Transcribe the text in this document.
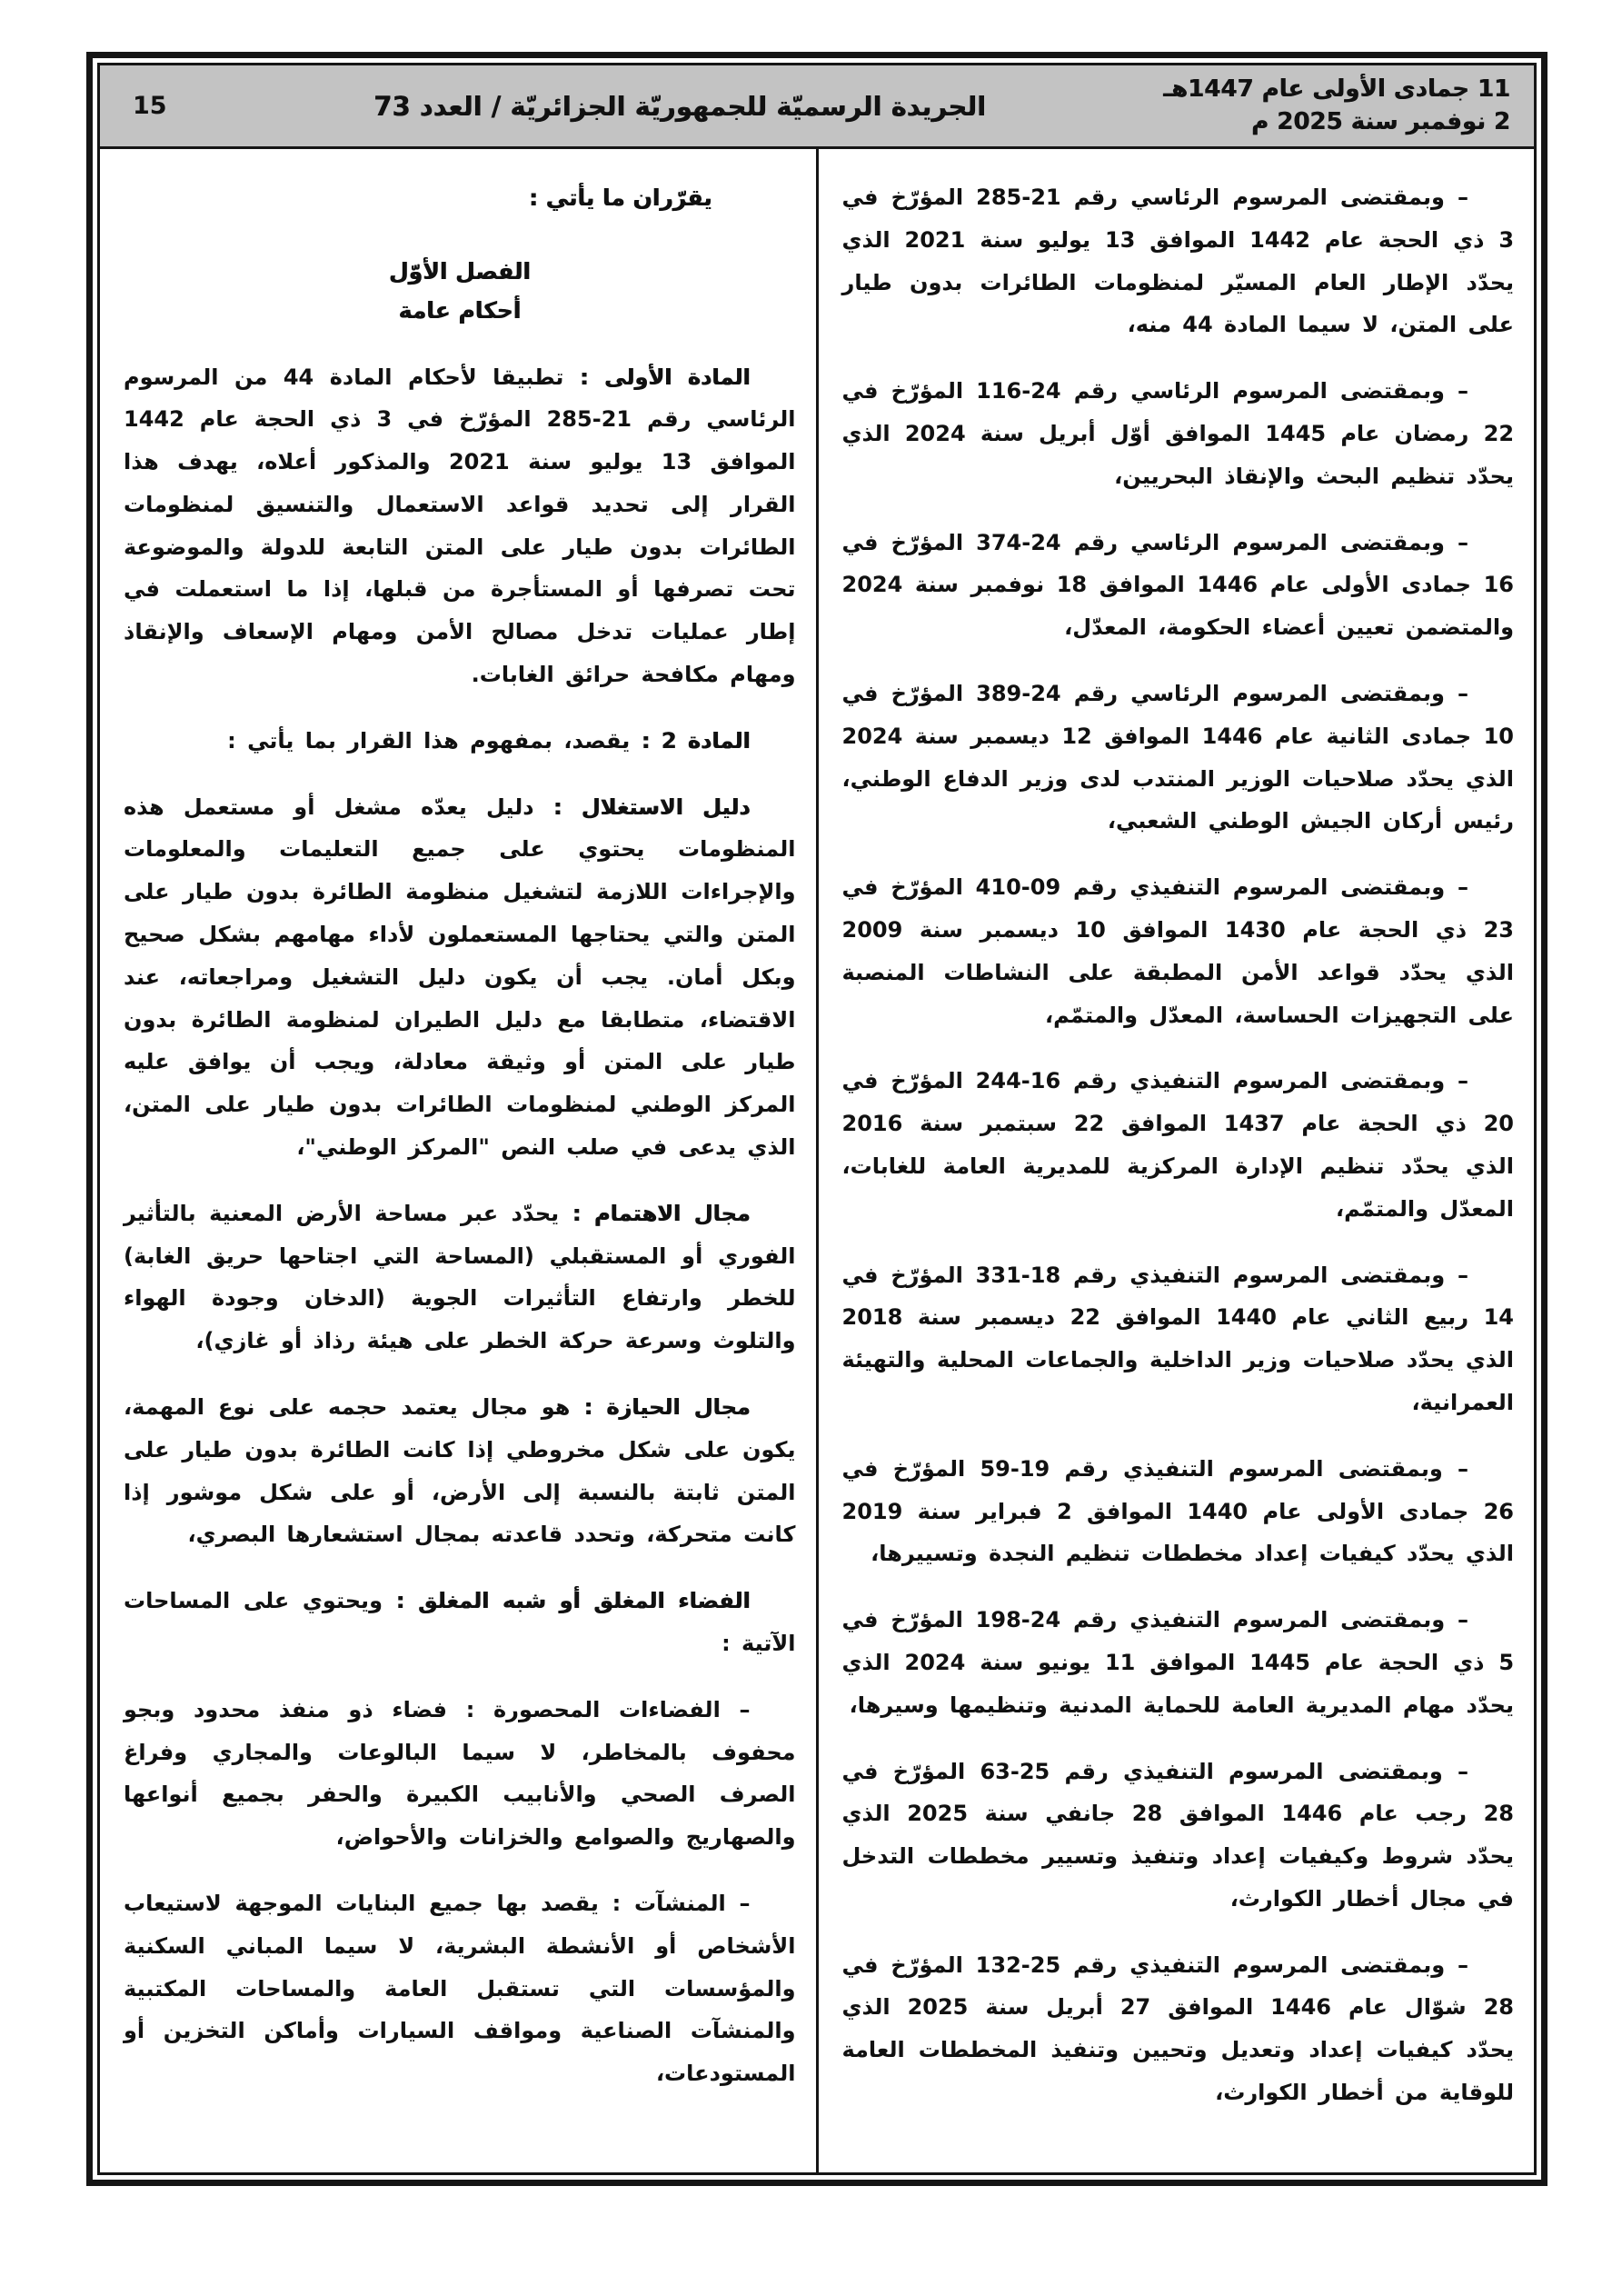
11 جمادى الأولى عام 1447هـ
2 نوفمبر سنة 2025 م
الجريدة الرسميّة للجمهوريّة الجزائريّة / العدد 73
15

– وبمقتضى المرسوم الرئاسي رقم 21‏-285 المؤرّخ في 3 ذي الحجة عام 1442 الموافق 13 يوليو سنة 2021 الذي يحدّد الإطار العام المسيّر لمنظومات الطائرات بدون طيار على المتن، لا سيما المادة 44 منه،

– وبمقتضى المرسوم الرئاسي رقم 24‏-116 المؤرّخ في 22 رمضان عام 1445 الموافق أوّل أبريل سنة 2024 الذي يحدّد تنظيم البحث والإنقاذ البحريين،

– وبمقتضى المرسوم الرئاسي رقم 24‏-374 المؤرّخ في 16 جمادى الأولى عام 1446 الموافق 18 نوفمبر سنة 2024 والمتضمن تعيين أعضاء الحكومة، المعدّل،

– وبمقتضى المرسوم الرئاسي رقم 24‏-389 المؤرّخ في 10 جمادى الثانية عام 1446 الموافق 12 ديسمبر سنة 2024 الذي يحدّد صلاحيات الوزير المنتدب لدى وزير الدفاع الوطني، رئيس أركان الجيش الوطني الشعبي،

– وبمقتضى المرسوم التنفيذي رقم 09‏-410 المؤرّخ في 23 ذي الحجة عام 1430 الموافق 10 ديسمبر سنة 2009 الذي يحدّد قواعد الأمن المطبقة على النشاطات المنصبة على التجهيزات الحساسة، المعدّل والمتمّم،

– وبمقتضى المرسوم التنفيذي رقم 16‏-244 المؤرّخ في 20 ذي الحجة عام 1437 الموافق 22 سبتمبر سنة 2016 الذي يحدّد تنظيم الإدارة المركزية للمديرية العامة للغابات، المعدّل والمتمّم،

– وبمقتضى المرسوم التنفيذي رقم 18‏-331 المؤرّخ في 14 ربيع الثاني عام 1440 الموافق 22 ديسمبر سنة 2018 الذي يحدّد صلاحيات وزير الداخلية والجماعات المحلية والتهيئة العمرانية،

– وبمقتضى المرسوم التنفيذي رقم 19‏-59 المؤرّخ في 26 جمادى الأولى عام 1440 الموافق 2 فبراير سنة 2019 الذي يحدّد كيفيات إعداد مخططات تنظيم النجدة وتسييرها،

– وبمقتضى المرسوم التنفيذي رقم 24‏-198 المؤرّخ في 5 ذي الحجة عام 1445 الموافق 11 يونيو سنة 2024 الذي يحدّد مهام المديرية العامة للحماية المدنية وتنظيمها وسيرها،

– وبمقتضى المرسوم التنفيذي رقم 25‏-63 المؤرّخ في 28 رجب عام 1446 الموافق 28 جانفي سنة 2025 الذي يحدّد شروط وكيفيات إعداد وتنفيذ وتسيير مخططات التدخل في مجال أخطار الكوارث،

– وبمقتضى المرسوم التنفيذي رقم 25‏-132 المؤرّخ في 28 شوّال عام 1446 الموافق 27 أبريل سنة 2025 الذي يحدّد كيفيات إعداد وتعديل وتحيين وتنفيذ المخططات العامة للوقاية من أخطار الكوارث،

يقرّران ما يأتي :

الفصل الأوّل
أحكام عامة

المادة الأولى : تطبيقا لأحكام المادة 44 من المرسوم الرئاسي رقم 21‏-285 المؤرّخ في 3 ذي الحجة عام 1442 الموافق 13 يوليو سنة 2021 والمذكور أعلاه، يهدف هذا القرار إلى تحديد قواعد الاستعمال والتنسيق لمنظومات الطائرات بدون طيار على المتن التابعة للدولة والموضوعة تحت تصرفها أو المستأجرة من قبلها، إذا ما استعملت في إطار عمليات تدخل مصالح الأمن ومهام الإسعاف والإنقاذ ومهام مكافحة حرائق الغابات.

المادة 2 : يقصد، بمفهوم هذا القرار بما يأتي :

دليل الاستغلال : دليل يعدّه مشغل أو مستعمل هذه المنظومات يحتوي على جميع التعليمات والمعلومات والإجراءات اللازمة لتشغيل منظومة الطائرة بدون طيار على المتن والتي يحتاجها المستعملون لأداء مهامهم بشكل صحيح وبكل أمان. يجب أن يكون دليل التشغيل ومراجعاته، عند الاقتضاء، متطابقا مع دليل الطيران لمنظومة الطائرة بدون طيار على المتن أو وثيقة معادلة، ويجب أن يوافق عليه المركز الوطني لمنظومات الطائرات بدون طيار على المتن، الذي يدعى في صلب النص "المركز الوطني"،

مجال الاهتمام : يحدّد عبر مساحة الأرض المعنية بالتأثير الفوري أو المستقبلي (المساحة التي اجتاحها حريق الغابة) للخطر وارتفاع التأثيرات الجوية (الدخان وجودة الهواء والتلوث وسرعة حركة الخطر على هيئة رذاذ أو غازي)،

مجال الحيازة : هو مجال يعتمد حجمه على نوع المهمة، يكون على شكل مخروطي إذا كانت الطائرة بدون طيار على المتن ثابتة بالنسبة إلى الأرض، أو على شكل موشور إذا كانت متحركة، وتحدد قاعدته بمجال استشعارها البصري،

الفضاء المغلق أو شبه المغلق : ويحتوي على المساحات الآتية :

– الفضاءات المحصورة : فضاء ذو منفذ محدود وبجو محفوف بالمخاطر، لا سيما البالوعات والمجاري وفراغ الصرف الصحي والأنابيب الكبيرة والحفر بجميع أنواعها والصهاريج والصوامع والخزانات والأحواض،

– المنشآت : يقصد بها جميع البنايات الموجهة لاستيعاب الأشخاص أو الأنشطة البشرية، لا سيما المباني السكنية والمؤسسات التي تستقبل العامة والمساحات المكتبية والمنشآت الصناعية ومواقف السيارات وأماكن التخزين أو المستودعات،
